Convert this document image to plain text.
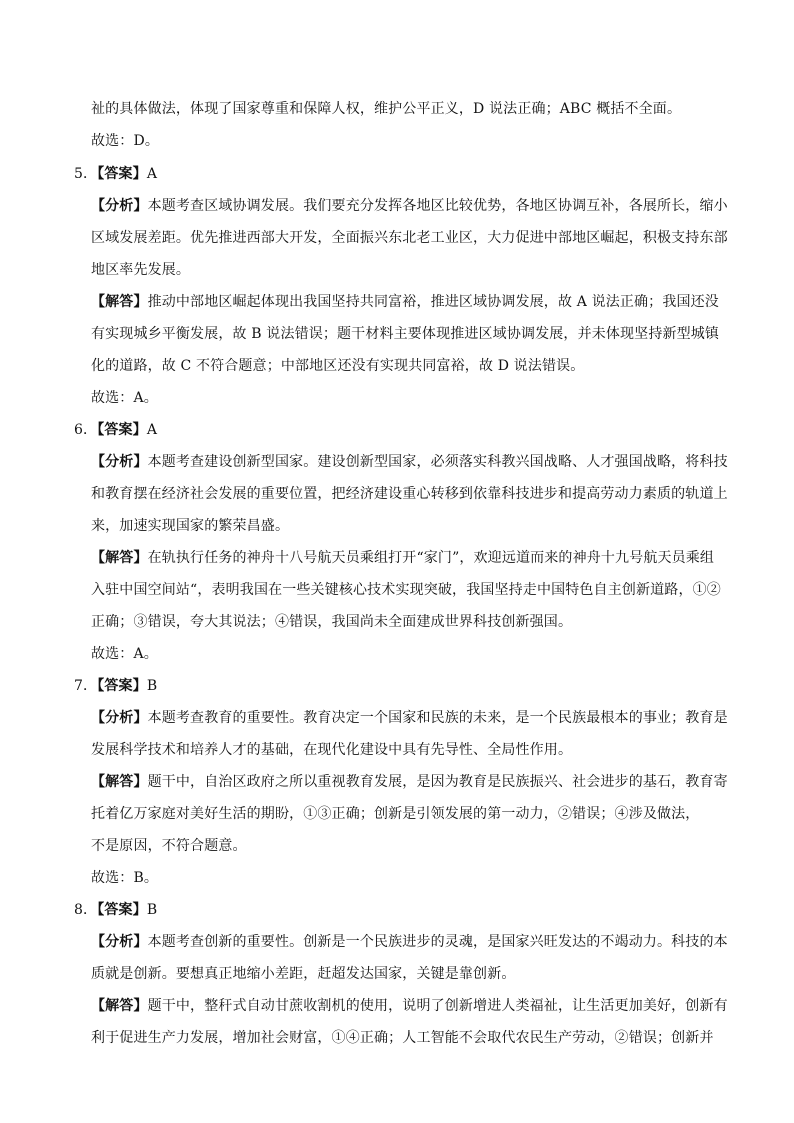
祉的具体做法，体现了国家尊重和保障人权，维护公平正义，D 说法正确；ABC 概括不全面。
故选：D。
5．【答案】A
【分析】本题考查区域协调发展。我们要充分发挥各地区比较优势，各地区协调互补，各展所长，缩小
区域发展差距。优先推进西部大开发，全面振兴东北老工业区，大力促进中部地区崛起，积极支持东部
地区率先发展。
【解答】推动中部地区崛起体现出我国坚持共同富裕，推进区域协调发展，故 A 说法正确；我国还没
有实现城乡平衡发展，故 B 说法错误；题干材料主要体现推进区域协调发展，并未体现坚持新型城镇
化的道路，故 C 不符合题意；中部地区还没有实现共同富裕，故 D 说法错误。
故选：A。
6．【答案】A
【分析】本题考查建设创新型国家。建设创新型国家，必须落实科教兴国战略、人才强国战略，将科技
和教育摆在经济社会发展的重要位置，把经济建设重心转移到依靠科技进步和提高劳动力素质的轨道上
来，加速实现国家的繁荣昌盛。
【解答】在轨执行任务的神舟十八号航天员乘组打开“家门”，欢迎远道而来的神舟十九号航天员乘组
入驻中国空间站“，表明我国在一些关键核心技术实现突破，我国坚持走中国特色自主创新道路，①②
正确；③错误，夸大其说法；④错误，我国尚未全面建成世界科技创新强国。
故选：A。
7．【答案】B
【分析】本题考查教育的重要性。教育决定一个国家和民族的未来，是一个民族最根本的事业；教育是
发展科学技术和培养人才的基础，在现代化建设中具有先导性、全局性作用。
【解答】题干中，自治区政府之所以重视教育发展，是因为教育是民族振兴、社会进步的基石，教育寄
托着亿万家庭对美好生活的期盼，①③正确；创新是引领发展的第一动力，②错误；④涉及做法，
不是原因，不符合题意。
故选：B。
8．【答案】B
【分析】本题考查创新的重要性。创新是一个民族进步的灵魂，是国家兴旺发达的不竭动力。科技的本
质就是创新。要想真正地缩小差距，赶超发达国家，关键是靠创新。
【解答】题干中，整秆式自动甘蔗收割机的使用，说明了创新增进人类福祉，让生活更加美好，创新有
利于促进生产力发展，增加社会财富，①④正确；人工智能不会取代农民生产劳动，②错误；创新并
